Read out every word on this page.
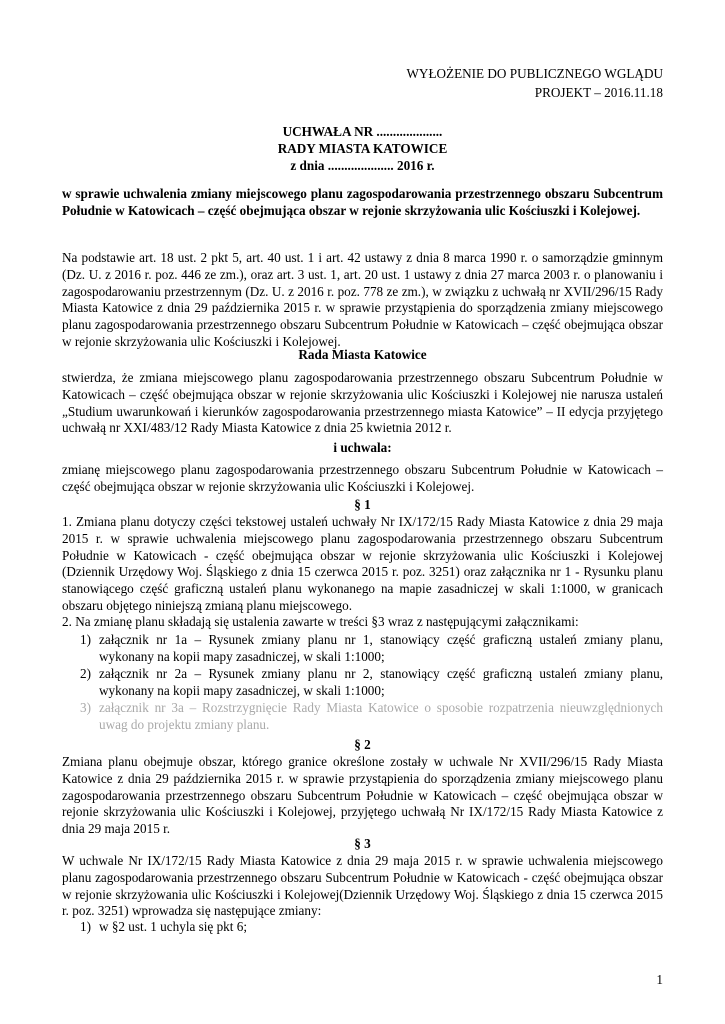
WYŁOŻENIE DO PUBLICZNEGO WGLĄDU
PROJEKT – 2016.11.18
UCHWAŁA NR ....................
RADY MIASTA KATOWICE
z dnia .................... 2016 r.
w sprawie uchwalenia zmiany miejscowego planu zagospodarowania przestrzennego obszaru Subcentrum Południe w Katowicach – część obejmująca obszar w rejonie skrzyżowania ulic Kościuszki i Kolejowej.
Na podstawie art. 18 ust. 2 pkt 5, art. 40 ust. 1 i art. 42 ustawy z dnia 8 marca 1990 r. o samorządzie gminnym (Dz. U. z 2016 r. poz. 446 ze zm.), oraz art. 3 ust. 1, art. 20 ust. 1 ustawy z dnia 27 marca 2003 r. o planowaniu i zagospodarowaniu przestrzennym (Dz. U. z 2016 r. poz. 778 ze zm.), w związku z uchwałą nr XVII/296/15 Rady Miasta Katowice z dnia 29 października 2015 r. w sprawie przystąpienia do sporządzenia zmiany miejscowego planu zagospodarowania przestrzennego obszaru Subcentrum Południe w Katowicach – część obejmująca obszar w rejonie skrzyżowania ulic Kościuszki i Kolejowej.
Rada Miasta Katowice
stwierdza, że zmiana miejscowego planu zagospodarowania przestrzennego obszaru Subcentrum Południe w Katowicach – część obejmująca obszar w rejonie skrzyżowania ulic Kościuszki i Kolejowej nie narusza ustaleń „Studium uwarunkowań i kierunków zagospodarowania przestrzennego miasta Katowice” – II edycja przyjętego uchwałą nr XXI/483/12 Rady Miasta Katowice z dnia 25 kwietnia 2012 r.
i uchwala:
zmianę miejscowego planu zagospodarowania przestrzennego obszaru Subcentrum Południe w Katowicach – część obejmująca obszar w rejonie skrzyżowania ulic Kościuszki i Kolejowej.
§ 1
1. Zmiana planu dotyczy części tekstowej ustaleń uchwały Nr IX/172/15 Rady Miasta Katowice z dnia 29 maja 2015 r. w sprawie uchwalenia miejscowego planu zagospodarowania przestrzennego obszaru Subcentrum Południe w Katowicach - część obejmująca obszar w rejonie skrzyżowania ulic Kościuszki i Kolejowej (Dziennik Urzędowy Woj. Śląskiego z dnia 15 czerwca 2015 r. poz. 3251) oraz załącznika nr 1 - Rysunku planu stanowiącego część graficzną ustaleń planu wykonanego na mapie zasadniczej w skali 1:1000, w granicach obszaru objętego niniejszą zmianą planu miejscowego.
2. Na zmianę planu składają się ustalenia zawarte w treści §3 wraz z następującymi załącznikami:
1) załącznik nr 1a – Rysunek zmiany planu nr 1, stanowiący część graficzną ustaleń zmiany planu, wykonany na kopii mapy zasadniczej, w skali 1:1000;
2) załącznik nr 2a – Rysunek zmiany planu nr 2, stanowiący część graficzną ustaleń zmiany planu, wykonany na kopii mapy zasadniczej, w skali 1:1000;
3) załącznik nr 3a – Rozstrzygnięcie Rady Miasta Katowice o sposobie rozpatrzenia nieuwzględnionych uwag do projektu zmiany planu.
§ 2
Zmiana planu obejmuje obszar, którego granice określone zostały w uchwale Nr XVII/296/15 Rady Miasta Katowice z dnia 29 października 2015 r. w sprawie przystąpienia do sporządzenia zmiany miejscowego planu zagospodarowania przestrzennego obszaru Subcentrum Południe w Katowicach – część obejmująca obszar w rejonie skrzyżowania ulic Kościuszki i Kolejowej, przyjętego uchwałą Nr IX/172/15 Rady Miasta Katowice z dnia 29 maja 2015 r.
§ 3
W uchwale Nr IX/172/15 Rady Miasta Katowice z dnia 29 maja 2015 r. w sprawie uchwalenia miejscowego planu zagospodarowania przestrzennego obszaru Subcentrum Południe w Katowicach - część obejmująca obszar w rejonie skrzyżowania ulic Kościuszki i Kolejowej(Dziennik Urzędowy Woj. Śląskiego z dnia 15 czerwca 2015 r. poz. 3251) wprowadza się następujące zmiany:
1) w §2 ust. 1 uchyla się pkt 6;
1
